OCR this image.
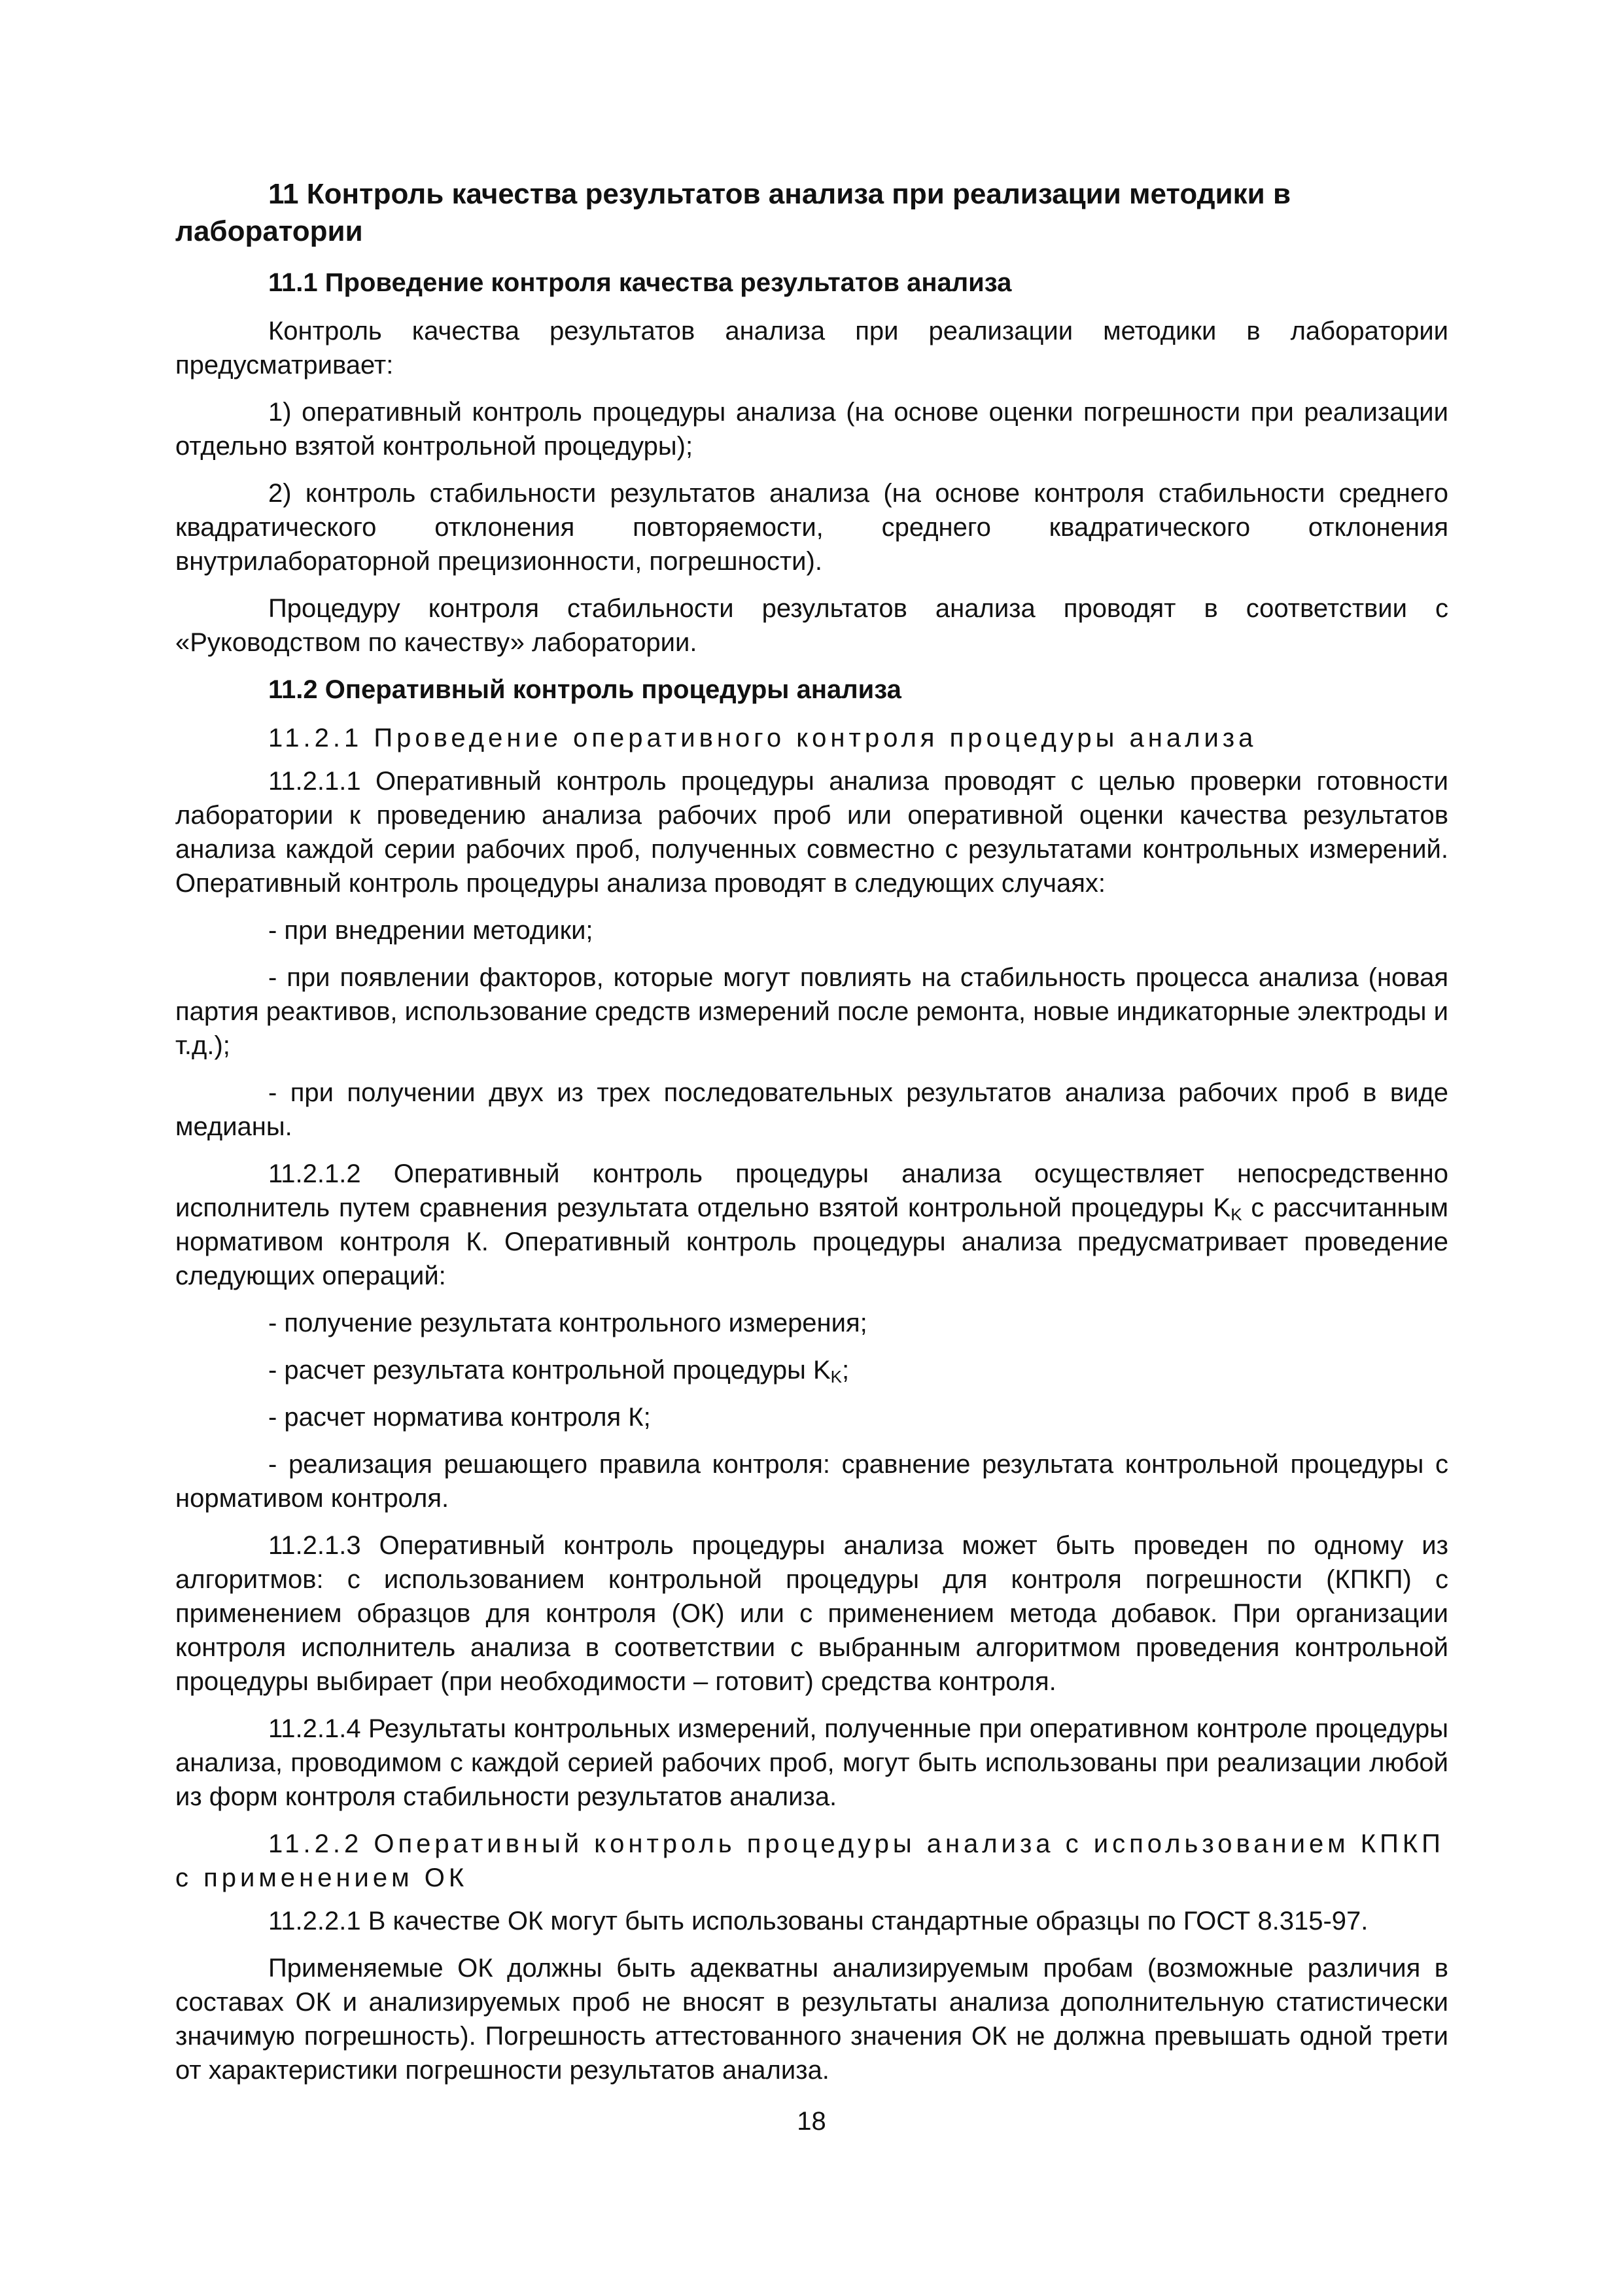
11 Контроль качества результатов анализа при реализации методики в лаборатории
11.1 Проведение контроля качества результатов анализа

Контроль качества результатов анализа при реализации методики в лаборатории предусматривает:

1) оперативный контроль процедуры анализа (на основе оценки погрешности при реализации отдельно взятой контрольной процедуры);

2) контроль стабильности результатов анализа (на основе контроля стабильности среднего квадратического отклонения повторяемости, среднего квадратического отклонения внутрилабораторной прецизионности, погрешности).

Процедуру контроля стабильности результатов анализа проводят в соответствии с «Руководством по качеству» лаборатории.

11.2 Оперативный контроль процедуры анализа
11.2.1 Проведение оперативного контроля процедуры анализа

11.2.1.1 Оперативный контроль процедуры анализа проводят с целью проверки готовности лаборатории к проведению анализа рабочих проб или оперативной оценки качества результатов анализа каждой серии рабочих проб, полученных совместно с результатами контрольных измерений. Оперативный контроль процедуры анализа проводят в следующих случаях:

- при внедрении методики;

- при появлении факторов, которые могут повлиять на стабильность процесса анализа (новая партия реактивов, использование средств измерений после ремонта, новые индикаторные электроды и т.д.);

- при получении двух из трех последовательных результатов анализа рабочих проб в виде медианы.

11.2.1.2 Оперативный контроль процедуры анализа осуществляет непосредственно исполнитель путем сравнения результата отдельно взятой контрольной процедуры $K_K$ с рассчитанным нормативом контроля К. Оперативный контроль процедуры анализа предусматривает проведение следующих операций:

- получение результата контрольного измерения;

- расчет результата контрольной процедуры $K_K$;

- расчет норматива контроля К;

- реализация решающего правила контроля: сравнение результата контрольной процедуры с нормативом контроля.

11.2.1.3 Оперативный контроль процедуры анализа может быть проведен по одному из алгоритмов: с использованием контрольной процедуры для контроля погрешности (КПКП) с применением образцов для контроля (ОК) или с применением метода добавок. При организации контроля исполнитель анализа в соответствии с выбранным алгоритмом проведения контрольной процедуры выбирает (при необходимости – готовит) средства контроля.

11.2.1.4 Результаты контрольных измерений, полученные при оперативном контроле процедуры анализа, проводимом с каждой серией рабочих проб, могут быть использованы при реализации любой из форм контроля стабильности результатов анализа.

11.2.2 Оперативный контроль процедуры анализа с использованием КПКП с применением ОК

11.2.2.1 В качестве ОК могут быть использованы стандартные образцы по ГОСТ 8.315-97.

Применяемые ОК должны быть адекватны анализируемым пробам (возможные различия в составах ОК и анализируемых проб не вносят в результаты анализа дополнительную статистически значимую погрешность). Погрешность аттестованного значения ОК не должна превышать одной трети от характеристики погрешности результатов анализа.

18
